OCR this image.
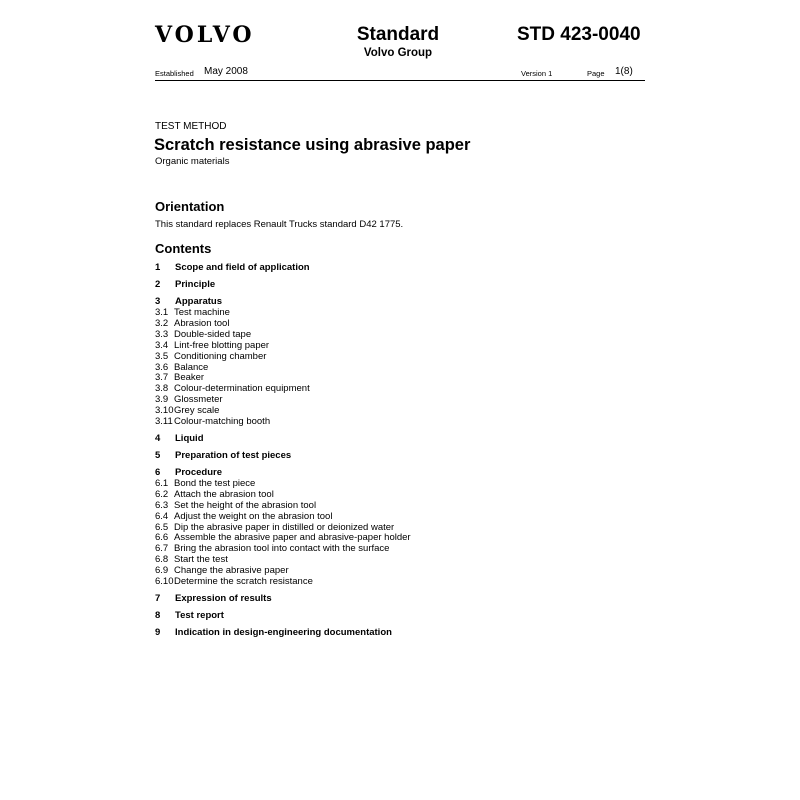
VOLVO	Standard
Volvo Group
STD 423-0040
Established May 2008	Version 1	Page 1(8)
TEST METHOD
Scratch resistance using abrasive paper
Organic materials
Orientation
This standard replaces Renault Trucks standard D42 1775.
Contents
1 Scope and field of application
2 Principle
3 Apparatus
3.1 Test machine
3.2 Abrasion tool
3.3 Double-sided tape
3.4 Lint-free blotting paper
3.5 Conditioning chamber
3.6 Balance
3.7 Beaker
3.8 Colour-determination equipment
3.9 Glossmeter
3.10Grey scale
3.11Colour-matching booth
4 Liquid
5 Preparation of test pieces
6 Procedure
6.1 Bond the test piece
6.2 Attach the abrasion tool
6.3 Set the height of the abrasion tool
6.4 Adjust the weight on the abrasion tool
6.5 Dip the abrasive paper in distilled or deionized water
6.6 Assemble the abrasive paper and abrasive-paper holder
6.7 Bring the abrasion tool into contact with the surface
6.8 Start the test
6.9 Change the abrasive paper
6.10Determine the scratch resistance
7 Expression of results
8 Test report
9 Indication in design-engineering documentation
